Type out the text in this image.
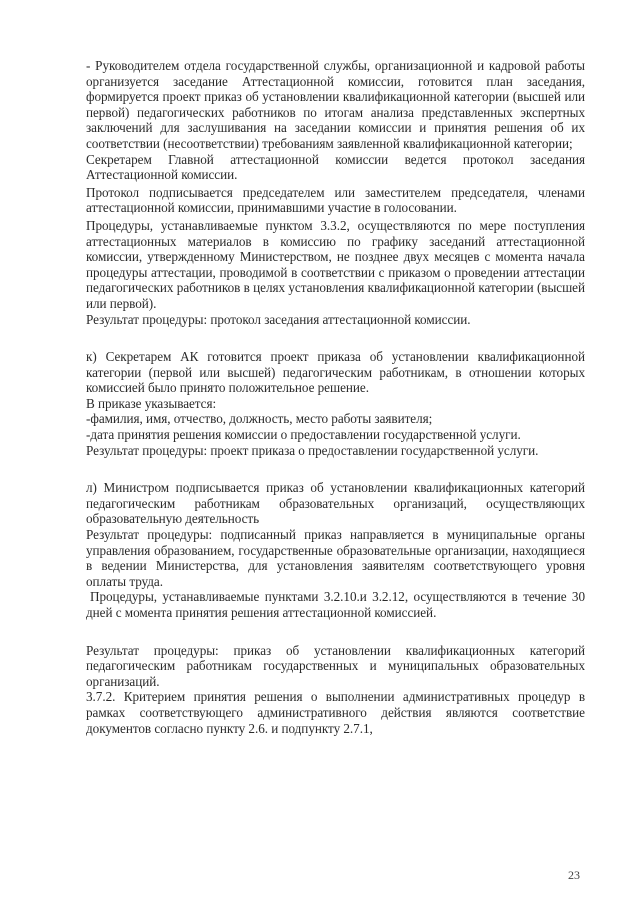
- Руководителем отдела государственной службы, организационной и кадровой работы организуется заседание Аттестационной комиссии, готовится план заседания, формируется проект приказ об установлении квалификационной категории (высшей или первой) педагогических работников по итогам анализа представленных экспертных заключений для заслушивания на заседании комиссии и принятия решения об их соответствии (несоответствии) требованиям заявленной квалификационной категории;

Секретарем Главной аттестационной комиссии ведется протокол заседания Аттестационной комиссии.

Протокол подписывается председателем или заместителем председателя, членами аттестационной комиссии, принимавшими участие в голосовании.

Процедуры, устанавливаемые пунктом 3.3.2, осуществляются по мере поступления аттестационных материалов в комиссию по графику заседаний аттестационной комиссии, утвержденному Министерством, не позднее двух месяцев с момента начала процедуры аттестации, проводимой в соответствии с приказом о проведении аттестации педагогических работников в целях установления квалификационной категории (высшей или первой).

Результат процедуры: протокол заседания аттестационной комиссии.

к) Секретарем АК готовится проект приказа об установлении квалификационной категории (первой или высшей) педагогическим работникам, в отношении которых комиссией было принято положительное решение.

В приказе указывается:

-фамилия, имя, отчество, должность, место работы заявителя;

-дата принятия решения комиссии о предоставлении государственной услуги.

Результат процедуры: проект приказа о предоставлении государственной услуги.

л) Министром подписывается приказ об установлении квалификационных категорий педагогическим работникам образовательных организаций, осуществляющих образовательную деятельность

Результат процедуры: подписанный приказ направляется в муниципальные органы управления образованием, государственные образовательные организации, находящиеся в ведении Министерства, для установления заявителям соответствующего уровня оплаты труда.

Процедуры, устанавливаемые пунктами 3.2.10.и 3.2.12, осуществляются в течение 30 дней с момента принятия решения аттестационной комиссией.

Результат процедуры: приказ об установлении квалификационных категорий педагогическим работникам государственных и муниципальных образовательных организаций.

3.7.2. Критерием принятия решения о выполнении административных процедур в рамках соответствующего административного действия являются соответствие документов согласно пункту 2.6. и подпункту 2.7.1,

23
